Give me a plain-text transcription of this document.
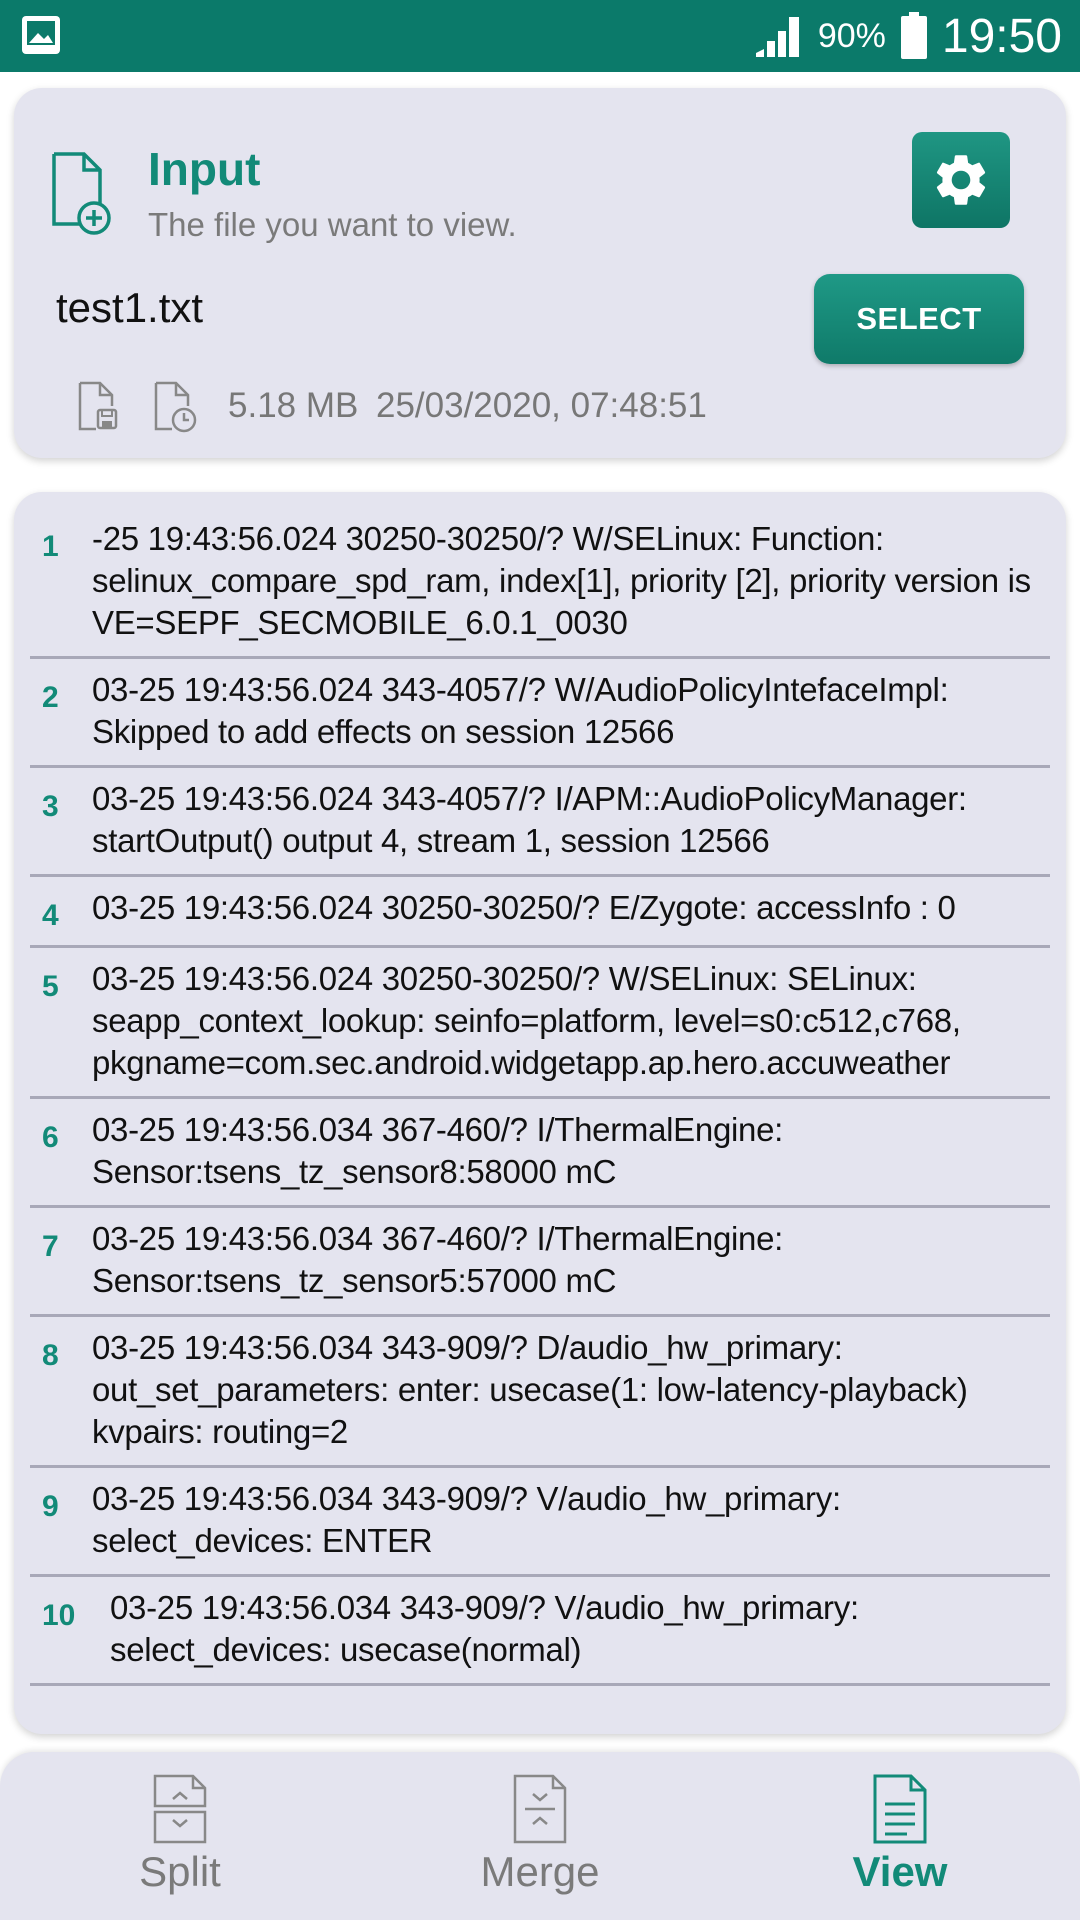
90% 19:50
Input
The file you want to view.
test1.txt	SELECT
5.18 MB 25/03/2020, 07:48:51
1	-25 19:43:56.024 30250-30250/? W/SELinux: Function:
selinux_compare_spd_ram, index[1], priority [2], priority version is
VE=SEPF_SECMOBILE_6.0.1_0030
2	03-25 19:43:56.024 343-4057/? W/AudioPolicyIntefaceImpl:
Skipped to add effects on session 12566
3	03-25 19:43:56.024 343-4057/? I/APM::AudioPolicyManager:
startOutput() output 4, stream 1, session 12566
4	03-25 19:43:56.024 30250-30250/? E/Zygote: accessInfo : 0
5	03-25 19:43:56.024 30250-30250/? W/SELinux: SELinux:
seapp_context_lookup: seinfo=platform, level=s0:c512,c768,
pkgname=com.sec.android.widgetapp.ap.hero.accuweather
6	03-25 19:43:56.034 367-460/? I/ThermalEngine:
Sensor:tsens_tz_sensor8:58000 mC
7	03-25 19:43:56.034 367-460/? I/ThermalEngine:
Sensor:tsens_tz_sensor5:57000 mC
8	03-25 19:43:56.034 343-909/? D/audio_hw_primary:
out_set_parameters: enter: usecase(1: low-latency-playback)
kvpairs: routing=2
9	03-25 19:43:56.034 343-909/? V/audio_hw_primary:
select_devices: ENTER
10	03-25 19:43:56.034 343-909/? V/audio_hw_primary:
select_devices: usecase(normal)
Split	Merge	View
